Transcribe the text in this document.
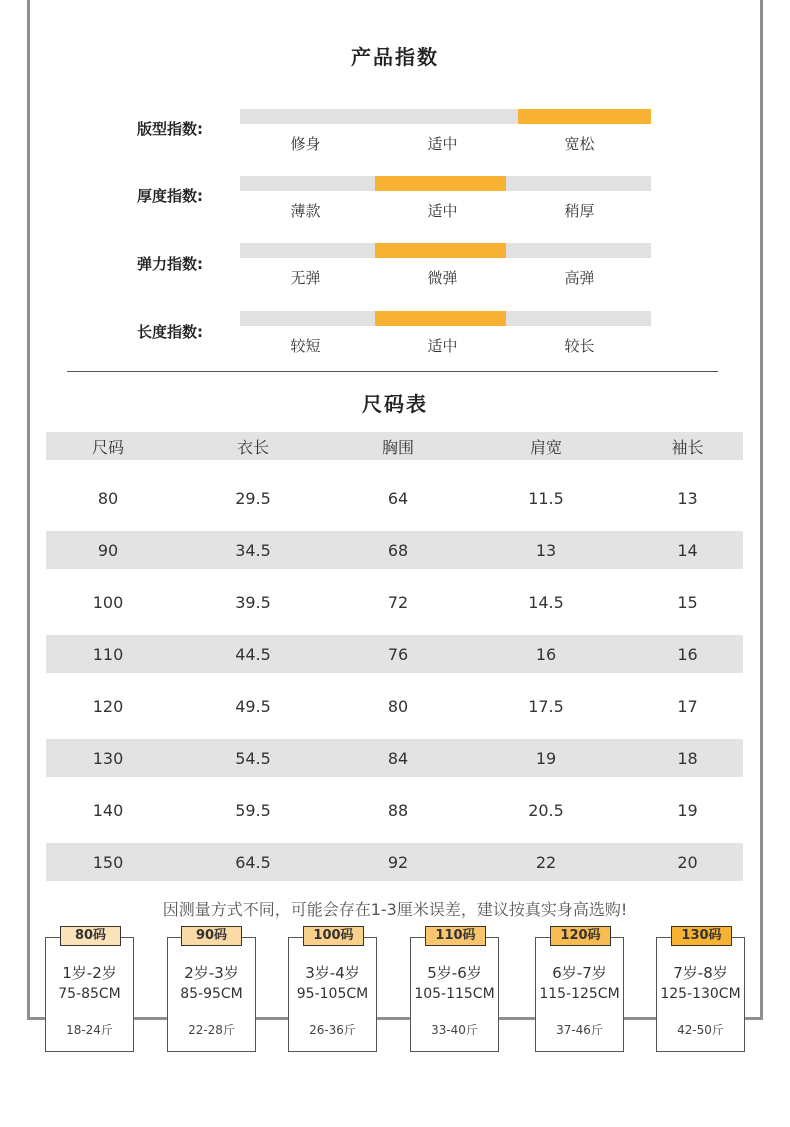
产品指数
版型指数:
修身	适中	宽松
厚度指数:
薄款	适中	稍厚
弹力指数:
无弹	微弹	高弹
长度指数:
较短	适中	较长
尺码表
尺码	衣长	胸围	肩宽	袖长
80	29.5	64	11.5	13
90	34.5	68	13	14
100	39.5	72	14.5	15
110	44.5	76	16	16
120	49.5	80	17.5	17
130	54.5	84	19	18
140	59.5	88	20.5	19
150	64.5	92	22	20
因测量方式不同，可能会存在1-3厘米误差，建议按真实身高选购!
1岁-2岁
75-85CM
18-24斤
80码
2岁-3岁
85-95CM
22-28斤
90码
3岁-4岁
95-105CM
26-36斤
100码
5岁-6岁
105-115CM
33-40斤
110码
6岁-7岁
115-125CM
37-46斤
120码
7岁-8岁
125-130CM
42-50斤
130码
